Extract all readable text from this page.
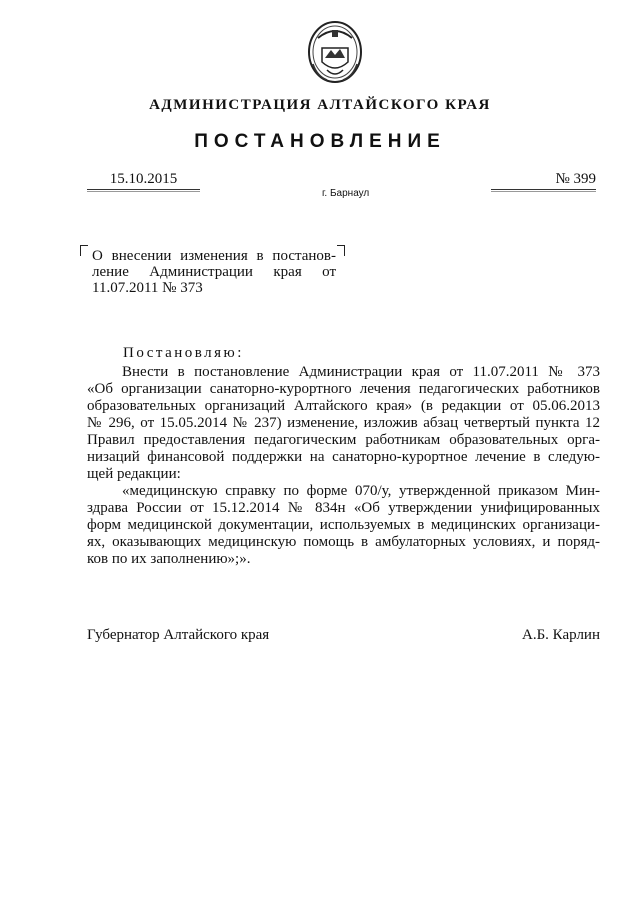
АДМИНИСТРАЦИЯ АЛТАЙСКОГО КРАЯ
ПОСТАНОВЛЕНИЕ
15.10.2015	№ 399
г. Барнаул
О внесении изменения в постанов-
ление Администрации края от
11.07.2011 № 373
Постановляю:
Внести в постановление Администрации края от 11.07.2011 № 373
«Об организации санаторно-курортного лечения педагогических работников
образовательных организаций Алтайского края» (в редакции от 05.06.2013
№ 296, от 15.05.2014 № 237) изменение, изложив абзац четвертый пункта 12
Правил предоставления педагогическим работникам образовательных орга-
низаций финансовой поддержки на санаторно-курортное лечение в следую-
щей редакции:
«медицинскую справку по форме 070/у, утвержденной приказом Мин-
здрава России от 15.12.2014 № 834н «Об утверждении унифицированных
форм медицинской документации, используемых в медицинских организаци-
ях, оказывающих медицинскую помощь в амбулаторных условиях, и поряд-
ков по их заполнению»;».
Губернатор Алтайского края	А.Б. Карлин
